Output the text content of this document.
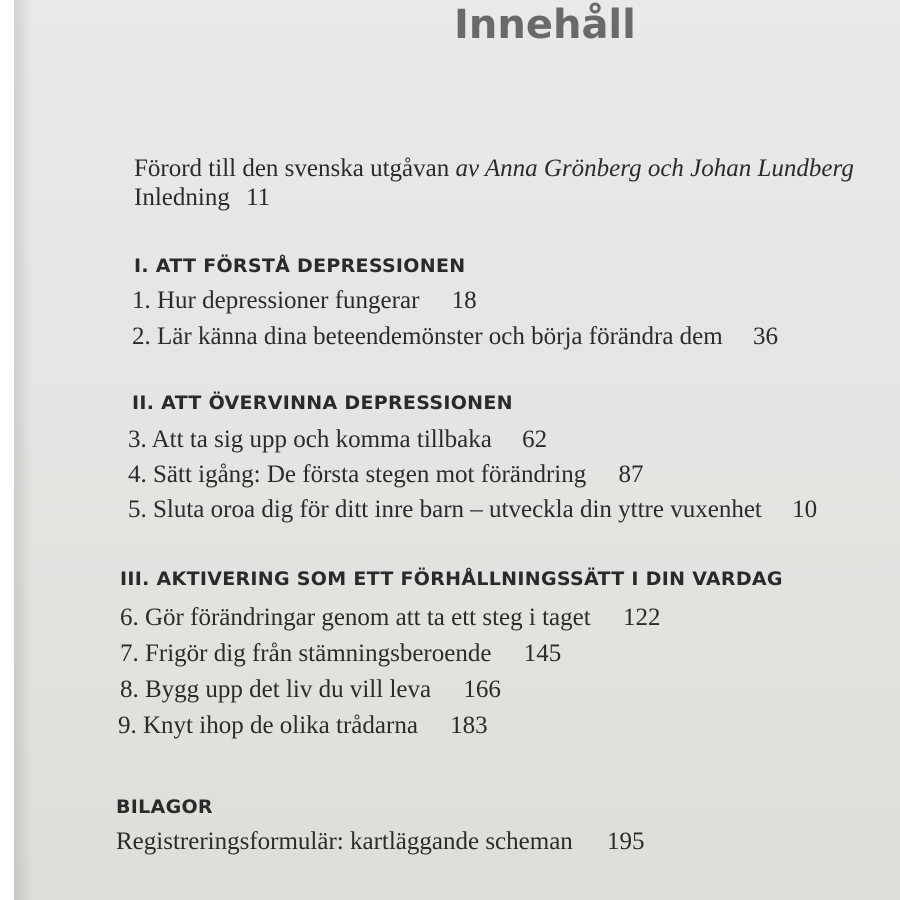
Innehåll
Förord till den svenska utgåvan av Anna Grönberg och Johan Lundberg
Inledning 11
I. ATT FÖRSTÅ DEPRESSIONEN
1. Hur depressioner fungerar 18
2. Lär känna dina beteendemönster och börja förändra dem 36
II. ATT ÖVERVINNA DEPRESSIONEN
3. Att ta sig upp och komma tillbaka 62
4. Sätt igång: De första stegen mot förändring 87
5. Sluta oroa dig för ditt inre barn – utveckla din yttre vuxenhet 10
III. AKTIVERING SOM ETT FÖRHÅLLNINGSSÄTT I DIN VARDAG
6. Gör förändringar genom att ta ett steg i taget 122
7. Frigör dig från stämningsberoende 145
8. Bygg upp det liv du vill leva 166
9. Knyt ihop de olika trådarna 183
BILAGOR
Registreringsformulär: kartläggande scheman 195
